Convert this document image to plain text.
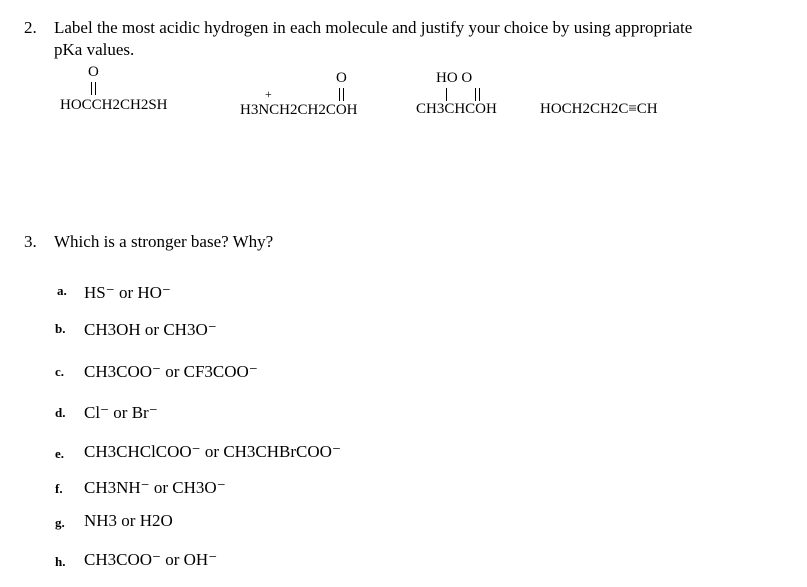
2. Label the most acidic hydrogen in each molecule and justify your choice by using appropriate
pKa values.
O
HOCCH2CH2SH
+
O
H3NCH2CH2COH
HO O
CH3CHCOH	HOCH2CH2C≡CH
3. Which is a stronger base? Why?
a. HS⁻ or HO⁻
b. CH3OH or CH3O⁻
c. CH3COO⁻ or CF3COO⁻
d. Cl⁻ or Br⁻
e. CH3CHClCOO⁻ or CH3CHBrCOO⁻
f. CH3NH⁻ or CH3O⁻
g. NH3 or H2O
h. CH3COO⁻ or OH⁻
